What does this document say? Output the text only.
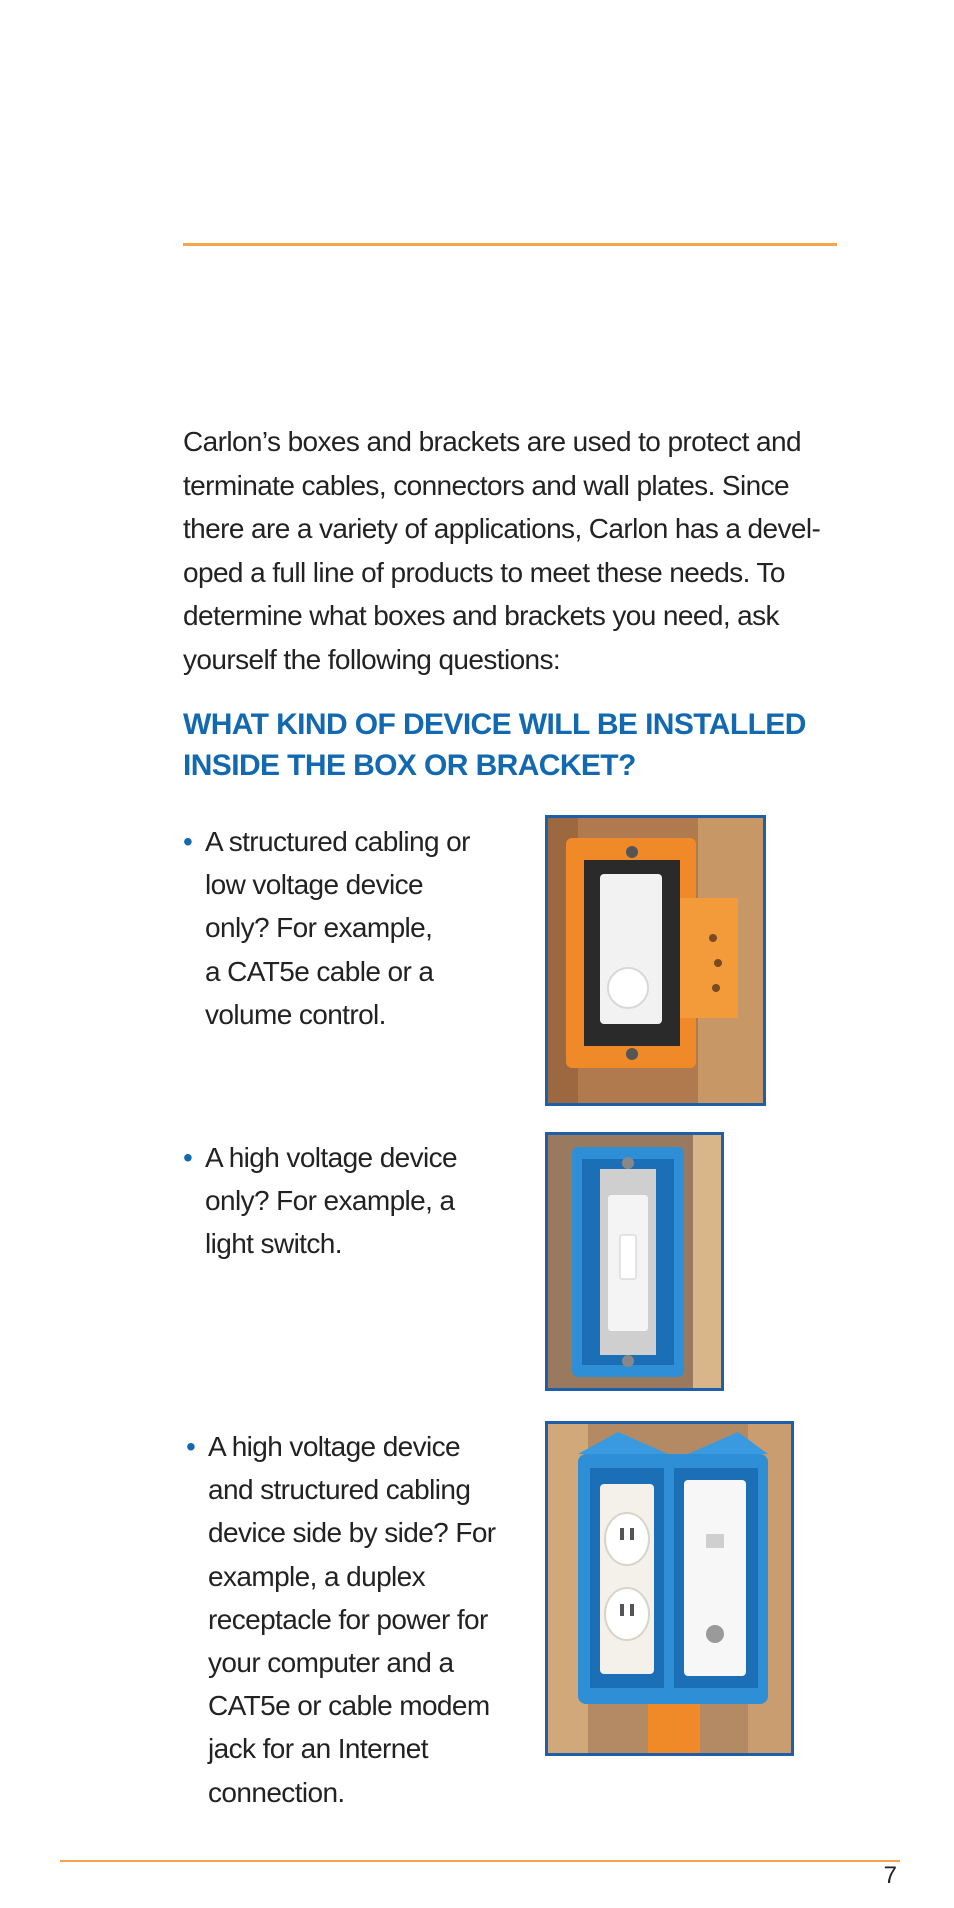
Carlon’s boxes and brackets are used to protect and
terminate cables, connectors and wall plates. Since
there are a variety of applications, Carlon has a devel-
oped a full line of products to meet these needs. To
determine what boxes and brackets you need, ask
yourself the following questions:

WHAT KIND OF DEVICE WILL BE INSTALLED
INSIDE THE BOX OR BRACKET?
• A structured cabling or
low voltage device
only? For example,
a CAT5e cable or a
volume control.

• A high voltage device
only? For example, a
light switch.

• A high voltage device
and structured cabling
device side by side? For
example, a duplex
receptacle for power for
your computer and a
CAT5e or cable modem
jack for an Internet
connection.

7
